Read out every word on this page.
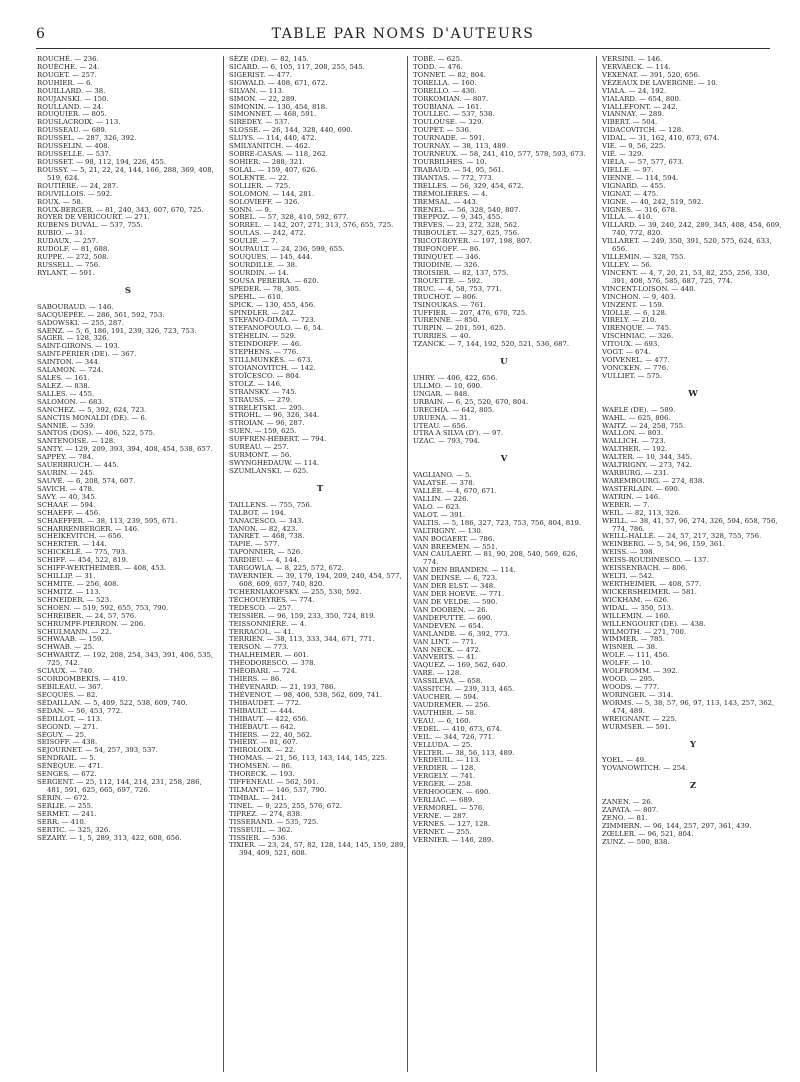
6	TABLE PAR NOMS D'AUTEURS
ROUCHÉ. — 236.
ROUÈCHE. — 24.
ROUGET. — 257.
ROUHIER. — 6.
ROUILLARD. — 38.
ROUJANSKI. — 150.
ROULLAND. — 24.
ROUQUIER. — 805.
ROUSLACROIX. — 113.
ROUSSEAU. — 689.
ROUSSEL. — 287, 326, 392.
ROUSSELIN. — 408.
ROUSSELLE. — 537.
ROUSSET. — 98, 112, 194, 226, 455.
ROUSSY. — 5, 21, 22, 24, 144, 166, 288, 369, 408, 519, 624.
ROUTIÈRE. — 24, 287.
ROUVILLOIS. — 592.
ROUX. — 58.
ROUX-BERGER. — 81, 240, 343, 607, 670, 725.
ROYER DE VÉRICOURT. — 271.
RUBENS DUVAL. — 537, 755.
RUBIO. — 31.
RUDAUX. — 257.
RUDOLF. — 81, 688.
RUPPE. — 272, 508.
RUSSELL. — 756.
RYLANT. — 591.
S
SABOURAUD. — 146.
SACQUÉPÉE. — 286, 561, 592, 753.
SADOWSKI. — 255, 287.
SAENZ. — 5, 6, 186, 191, 239, 326, 723, 753.
SAGER. — 128, 326.
SAINT-GIRONS. — 193.
SAINT-PÉRIER (DE). — 367.
SAINTON. — 344.
SALAMON. — 724.
SALES. — 161.
SALEZ. — 838.
SALLES. — 455.
SALOMON. — 683.
SANCHEZ. — 5, 392, 624, 723.
SANCTIS MONALDI (DE). — 6.
SANNIÉ. — 539.
SANTOS (DOS). — 406, 522, 575.
SANTENOISE. — 128.
SANTY. — 129, 209, 393, 394, 408, 454, 538, 657.
SAPPEY. — 784.
SAUERBRUCH. — 445.
SAURIN. — 245.
SAUVÉ. — 6, 208, 574, 607.
SAVICH. — 478.
SAVY. — 40, 345.
SCHAAF. — 594.
SCHAEFF. — 456.
SCHAEFFER. — 38, 113, 239, 595, 671.
SCHARRENBERGER. — 146.
SCHEIKEVITCH. — 656.
SCHERTER. — 144.
SCHICKELÉ. — 775, 793.
SCHIFF. — 454, 522, 819.
SCHIFF-WERTHEIMER. — 408, 453.
SCHILLIP. — 31.
SCHMITE. — 256, 408.
SCHMITZ. — 113.
SCHNEIDER. — 523.
SCHOEN. — 519, 592, 655, 753, 790.
SCHREIBER. — 24, 57, 576.
SCHRUMPF-PIERRON. — 206.
SCHULMANN. — 22.
SCHWAAB. — 159.
SCHWAB. — 25.
SCHWARTZ. — 192, 208, 254, 343, 391, 406, 535, 725, 742.
SCIAUX. — 740.
SCORDOMBEKIS. — 419.
SEBILEAU. — 367.
SECQUES. — 82.
SÉDAILLAN. — 5, 409, 522, 538, 609, 740.
SEDAN. — 56, 453, 772.
SÉDILLOT. — 113.
SEGOND. — 271.
SÉGUY. — 25.
SEISOFF. — 438.
SEJOURNET. — 54, 257, 393, 537.
SENDRAIL. — 5.
SÉNÈQUE. — 471.
SENGES. — 672.
SERGENT. — 25, 112, 144, 214, 231, 258, 286, 481, 591, 625, 665, 697, 726.
SÉRIN. — 672.
SERLIE. — 255.
SERMET. — 241.
SERR. — 410.
SERTIC. — 325, 326.
SÉZARY. — 1, 5, 289, 313, 422, 608, 656.
SÈZE (DE). — 82, 145.
SICARD. — 6, 105, 117, 208, 255, 545.
SIGERIST. — 477.
SIGWALD. — 408, 671, 672.
SILVAN. — 113.
SIMON. — 22, 289.
SIMONIN. — 130, 454, 818.
SIMONNET. — 468, 591.
SIREDEY. — 537.
SLOSSE. — 26, 144, 328, 440, 690.
SLUYS. — 114, 440, 472.
SMILYANITCH. — 462.
SOBRE-CASAS. — 118, 262.
SOHIER. — 288, 321.
SOLAL. — 159, 407, 626.
SOLENTE. — 22.
SOLLIER. — 725.
SOLOMON. — 144, 281.
SOLOVIEFF. — 326.
SONN. — 9.
SOREL. — 57, 328, 410, 592, 677.
SORREL. — 142, 207, 271, 313, 576, 655, 725.
SOULAS. — 242, 472.
SOULIÉ. — 7.
SOUPAULT. — 24, 236, 599, 655.
SOUQUES. — 145, 444.
SOURDILLE. — 38.
SOURDIN. — 14.
SOUSA PEREIRA. — 620.
SPEDER. — 78, 305.
SPEHL. — 610.
SPICK. — 130, 455, 456.
SPINDLER. — 242.
STEFANO-DIMA. — 723.
STEFANOPOULO. — 6, 54.
STÉHELIN. — 529.
STEINDORFF. — 46.
STEPHENS. — 776.
STILLMUNKÈS. — 673.
STOIANOVITCH. — 142.
STOÏCESCO. — 804.
STOLZ. — 146.
STRANSKY. — 745.
STRAUSS. — 279.
STRELETSKI. — 295.
STROHL. — 96, 326, 344.
STROIAN. — 96, 287.
SUEN. — 159, 625.
SUFFREN-HÉBERT. — 794.
SUREAU. — 257.
SURMONT. — 56.
SWYNGHEDAUW. — 114.
SZUMLANSKI. — 625.
T
TAILLENS. — 755, 756.
TALBOT. — 194.
TANACESCO. — 343.
TANON. — 82, 423.
TANRET. — 468, 738.
TAPIE. — 577.
TAPONNIER. — 526.
TARDIEU. — 4, 144.
TARGOWLA. — 8, 225, 572, 672.
TAVERNIER. — 39, 179, 194, 209, 240, 454, 577, 608, 609, 657, 740, 820.
TCHERNIAKOFSKY. — 255, 530, 592.
TÉCHOUEYRES. — 774.
TEDESCO. — 257.
TEISSIER. — 96, 159, 233, 350, 724, 819.
TEISSONNIÈRE. — 4.
TERRACOL. — 41.
TERRIEN. — 38, 113, 333, 344, 671, 771.
TERSON. — 773.
THALHEIMER. — 601.
THÉODORESCO. — 378.
THÉOBARI. — 724.
THIERS. — 86.
THÉVENARD. — 21, 193, 786.
THÉVENOT. — 98, 406, 538, 562, 609, 741.
THIBAUDET. — 772.
THIBAULT. — 444.
THIBAUT. — 422, 656.
THIÉBAUT. — 642.
THIERS. — 22, 40, 562.
THIÉRY. — 81, 607.
THIROLOIX. — 22.
THOMAS. — 21, 56, 113, 143, 144, 145, 225.
THOMSEN. — 86.
THORECK. — 193.
TIFFENEAU. — 562, 591.
TILMANT. — 146, 537, 790.
TIMBAL. — 241.
TINEL. — 9, 225, 255, 576, 672.
TIPREZ. — 274, 838.
TISSERAND. — 535, 725.
TISSEUIL. — 362.
TISSIER. — 536.
TIXIER. — 23, 24, 57, 82, 128, 144, 145, 159, 289, 394, 409, 521, 608.
TOBÉ. — 625.
TODD. — 476.
TONNET. — 82, 804.
TORELLA. — 160.
TORELLO. — 430.
TORKOMIAN. — 807.
TOUBIANA. — 161.
TOULLEC. — 537, 538.
TOULOUSE. — 329.
TOUPET. — 536.
TOURNADE. — 591.
TOURNAY. — 38, 113, 489.
TOURNEUX. — 58, 241, 410, 577, 578, 593, 673.
TOURBILHES. — 10.
TRABAUD. — 54, 95, 561.
TRANTAS. — 772, 773.
TRELLES. — 56, 329, 454, 672.
TRÉMOLIÈRES. — 4.
TREMSAL. — 443.
TRENEL. — 56, 328, 540, 807.
TREPPOZ. — 9, 345, 455.
TRÈVES. — 23, 272, 328, 562.
TRIBOULET. — 327, 625, 756.
TRICOT-ROYER. — 197, 198, 807.
TRIFONOFF. — 86.
TRINQUET. — 346.
TRIODINE. — 326.
TROISIER. — 82, 137, 575.
TROUETTE. — 592.
TRUC. — 4, 58, 753, 771.
TRUCHOT. — 806.
TSINOUKAS. — 761.
TUFFIER. — 207, 476, 670, 725.
TURENNE. — 850.
TURPIN. — 201, 591, 625.
TURRIES. — 40.
TZANCK. — 7, 144, 192, 520, 521, 536, 687.
U
UHRY. — 406, 422, 656.
ULLMO. — 10, 690.
UNGAR. — 848.
URBAIN. — 6, 25, 520, 670, 804.
URECHIA. — 642, 805.
URUENA. — 31.
UTEAU. — 656.
UTRA A SILVA (D'). — 97.
UZAC. — 793, 794.
V
VAGLIANO. — 5.
VALATSE. — 378.
VALLÉE. — 4, 670, 671.
VALLIN. — 226.
VALO. — 623.
VALOT. — 391.
VALTIS. — 5, 186, 327, 723, 753, 756, 804, 819.
VALTRIGNY. — 130.
VAN BOGAERT. — 786.
VAN BREEMEN. — 551.
VAN CAULAERT. — 81, 90, 208, 540, 569, 626, 774.
VAN DEN BRANDEN. — 114.
VAN DEINSE. — 6, 723.
VAN DER ELST. — 348.
VAN DER HOEVE. — 771.
VAN DE VELDE. — 590.
VAN DOOREN. — 26.
VANDEPUTTE. — 690.
VANDEVEN. — 654.
VANLANDE. — 6, 392, 773.
VAN LINT. — 771.
VAN NECK. — 472.
VANVERTS. — 41.
VAQUEZ. — 169, 562, 640.
VARÉ. — 128.
VASSILEVA. — 658.
VASSITCH. — 239, 313, 465.
VAUCHER. — 594.
VAUDREMER. — 256.
VAUTHIER. — 58.
VEAU. — 6, 160.
VEDEL. — 410, 673, 674.
VEIL. — 344, 726, 771.
VELLUDA. — 25.
VELTER. — 38, 56, 113, 489.
VERDEUIL. — 113.
VERDIER. — 128.
VERGELY. — 741.
VERGER. — 258.
VERHOOGEN. — 690.
VERLIAC. — 689.
VERMOREL. — 576.
VERNE. — 287.
VERNES. — 127, 128.
VERNET. — 255.
VERNIER. — 146, 289.
VERSINI. — 146.
VERVAECK. — 114.
VEXENAT. — 391, 520, 656.
VÉZEAUX DE LAVERGNE. — 10.
VIALA. — 24, 192.
VIALARD. — 654, 800.
VIALLEFONT. — 242.
VIANNAY. — 289.
VIBERT. — 504.
VIDACOVITCH. — 128.
VIDAL. — 31, 162, 410, 673, 674.
VIE. — 9, 56, 225.
VIÉ. — 329.
VIÉLA. — 57, 577, 673.
VIELLE. — 97.
VIENNE. — 114, 594.
VIGNARD. — 455.
VIGNAT. — 475.
VIGNE. — 40, 242, 519, 592.
VIGNES. — 316, 678.
VILLA. — 410.
VILLARD. — 39, 240, 242, 289, 345, 408, 454, 609, 740, 772, 820.
VILLARET. — 249, 350, 391, 520, 575, 624, 633, 656.
VILLEMIN. — 328, 755.
VILLEY. — 56.
VINCENT. — 4, 7, 20, 21, 53, 82, 255, 256, 330, 391, 408, 576, 585, 687, 725, 774.
VINCENT-LOISON. — 440.
VINCHON. — 9, 403.
VINZENT. — 159.
VIOLLE. — 6, 128.
VIRELY. — 210.
VIRENQUE. — 745.
VISCHNIAC. — 326.
VITOUX. — 693.
VOGT. — 674.
VOIVENEL. — 477.
VONCKEN. — 776.
VULLIET. — 575.
W
WAELE (DE). — 589.
WAHL. — 625, 806.
WAITZ. — 24, 258, 755.
WALLON. — 803.
WALLICH. — 723.
WALTHER. — 192.
WALTER. — 10, 344, 345.
WALTRIGNY. — 273, 742.
WARBURG. — 231.
WAREMBOURG. — 274, 838.
WASTERLAIN. — 690.
WATRIN. — 146.
WEBER. — 7.
WEIL. — 82, 113, 326.
WEILL. — 38, 41, 57, 96, 274, 326, 594, 658, 756, 774, 786.
WEILL-HALLÉ. — 24, 57, 217, 328, 755, 756.
WEINBERG. — 5, 54, 96, 159, 361.
WEISS. — 398.
WEISS-ROUDINESCO. — 137.
WEISSENBACH. — 806.
WELTI. — 542.
WERTHEIMER. — 408, 577.
WICKERSHEIMER. — 581.
WICKHAM. — 626.
WIDAL. — 350, 513.
WILLEMIN. — 160.
WILLENGOURT (DE). — 438.
WILMOTH. — 271, 700.
WIMMER. — 785.
WISNER. — 38.
WOLF. — 111, 456.
WOLFF. — 10.
WOLFROMM. — 392.
WOOD. — 295.
WOODS. — 777.
WORINGER. — 314.
WORMS. — 5, 38, 57, 96, 97, 113, 143, 257, 362, 474, 489.
WREIGNANT. — 225.
WURMSER. — 591.
Y
YOEL. — 49.
YOVANOWITCH. — 254.
Z
ZANEN. — 26.
ZAPATA. — 807.
ZENO. — 81.
ZIMMERN. — 96, 144, 257, 297, 361, 439.
ZŒLLER. — 96, 521, 804.
ZUNZ. — 590, 838.
